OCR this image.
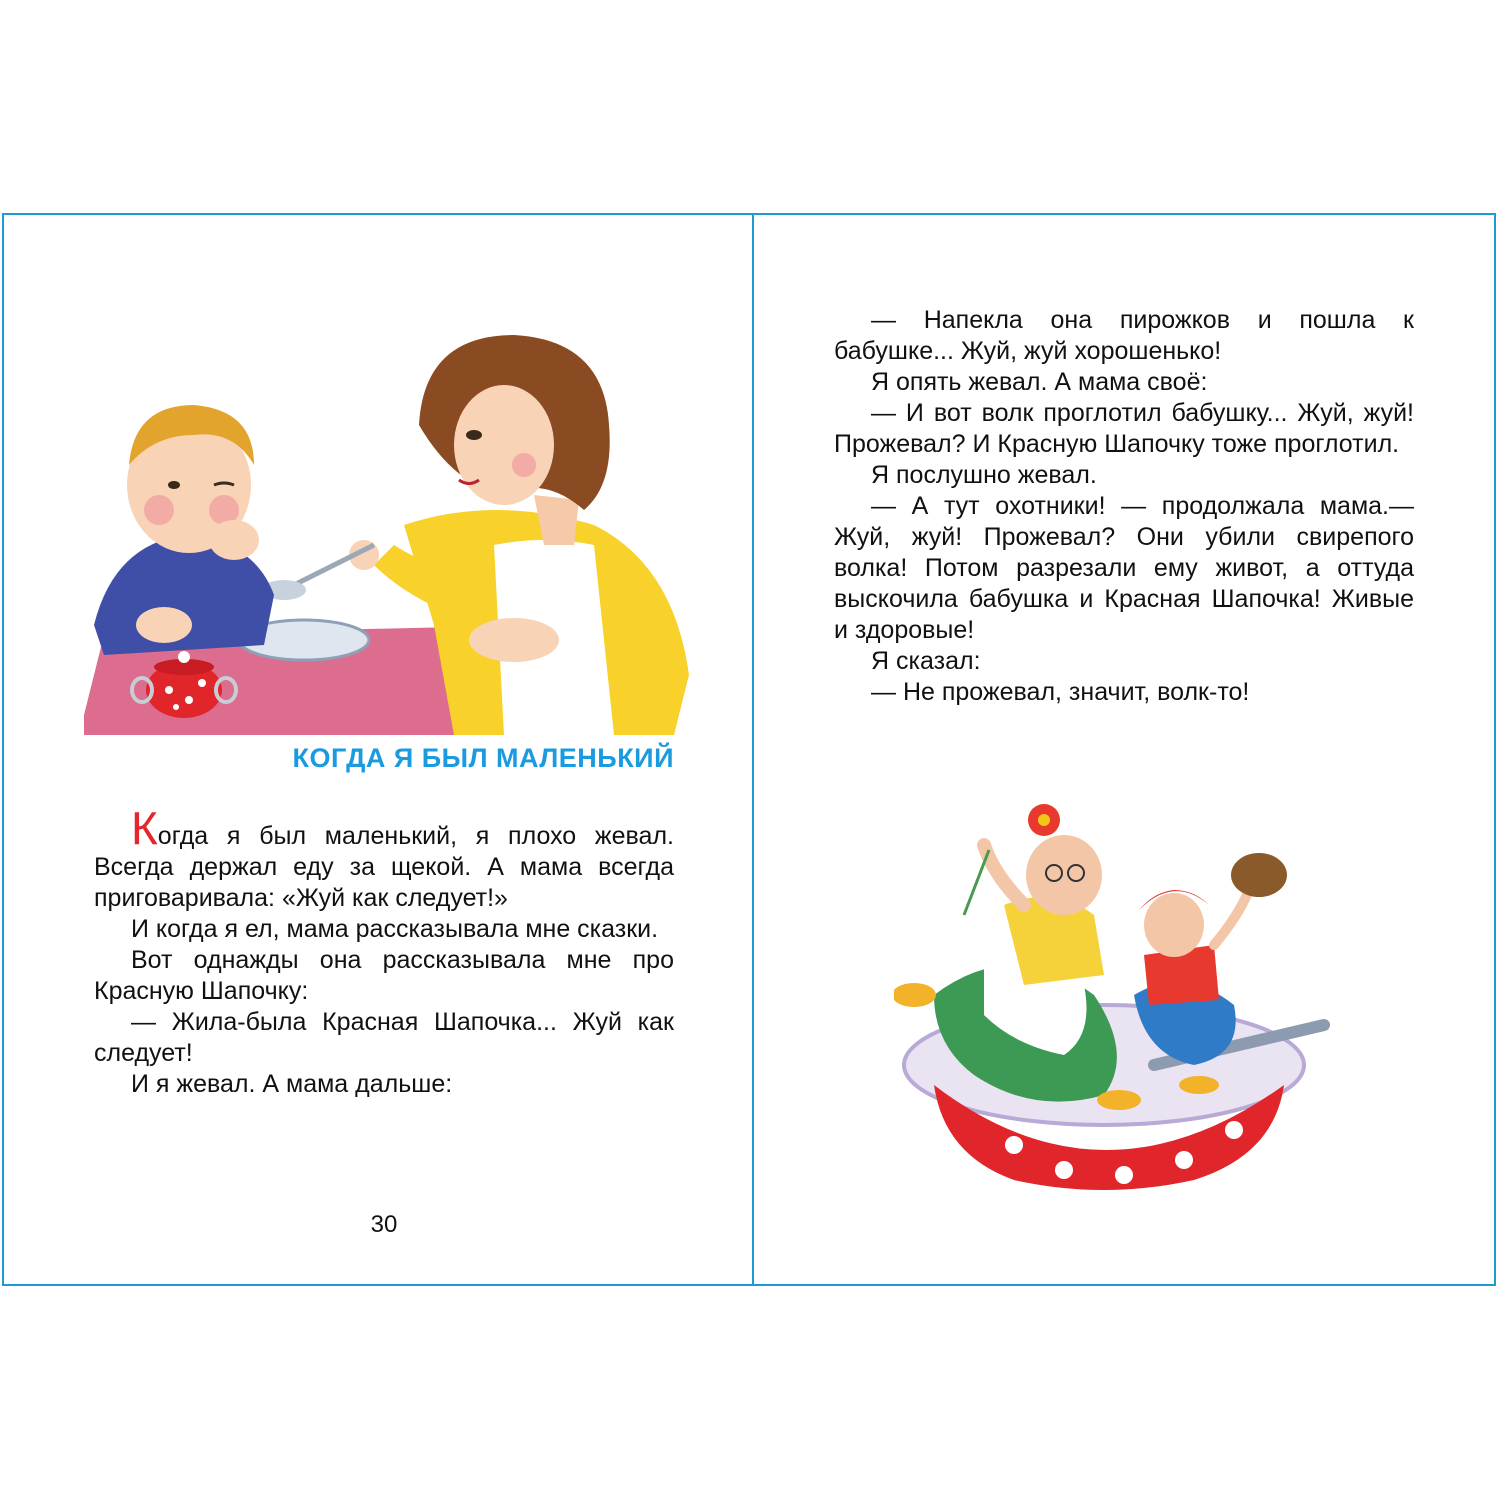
КОГДА Я БЫЛ МАЛЕНЬКИЙ

Когда я был маленький, я плохо жевал. Всегда держал еду за щекой. А мама всегда приговаривала: «Жуй как следует!»

И когда я ел, мама рассказывала мне сказки.

Вот однажды она рассказывала мне про Красную Шапочку:

— Жила-была Красная Шапочка... Жуй как следует!

И я жевал. А мама дальше:

30

— Напекла она пирожков и пошла к бабушке... Жуй, жуй хорошенько!

Я опять жевал. А мама своё:

— И вот волк проглотил бабушку... Жуй, жуй! Прожевал? И Красную Шапочку тоже проглотил.

Я послушно жевал.

— А тут охотники! — продолжала мама.— Жуй, жуй! Прожевал? Они убили свирепого волка! Потом разрезали ему живот, а оттуда выскочила бабушка и Красная Шапочка! Живые и здоровые!

Я сказал:

— Не прожевал, значит, волк-то!
